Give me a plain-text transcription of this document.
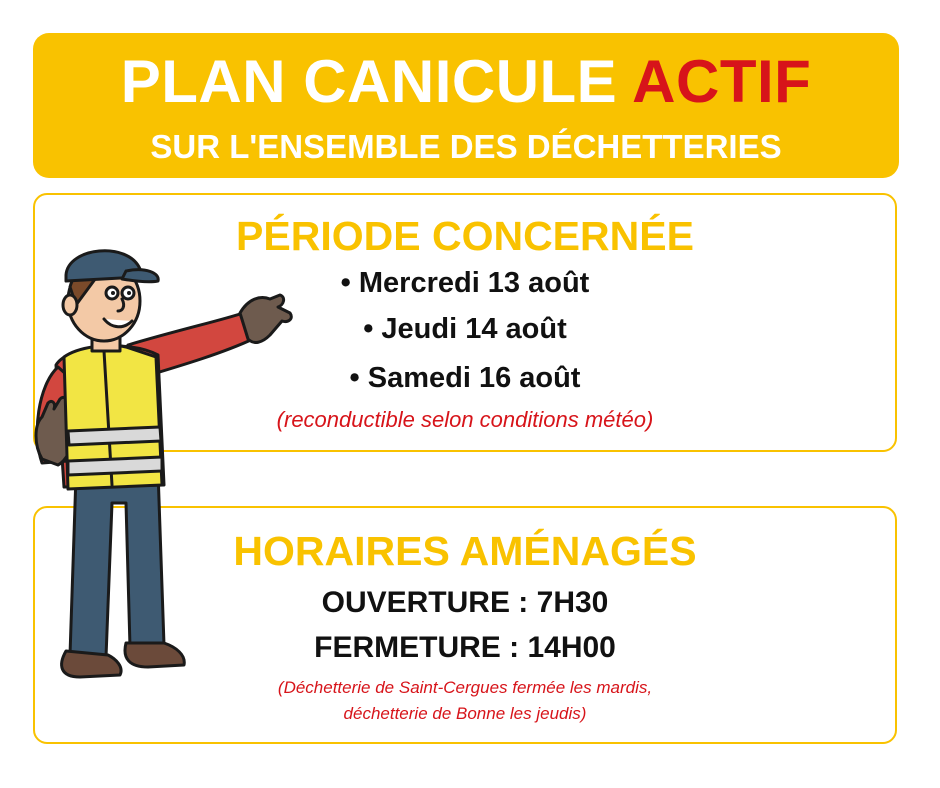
PLAN CANICULE ACTIF
SUR L'ENSEMBLE DES DÉCHETTERIES
PÉRIODE CONCERNÉE
• Mercredi 13 août
• Jeudi 14 août
• Samedi 16 août
(reconductible selon conditions météo)
HORAIRES AMÉNAGÉS
OUVERTURE : 7H30
FERMETURE : 14H00
(Déchetterie de Saint-Cergues fermée les mardis,
déchetterie de Bonne les jeudis)
